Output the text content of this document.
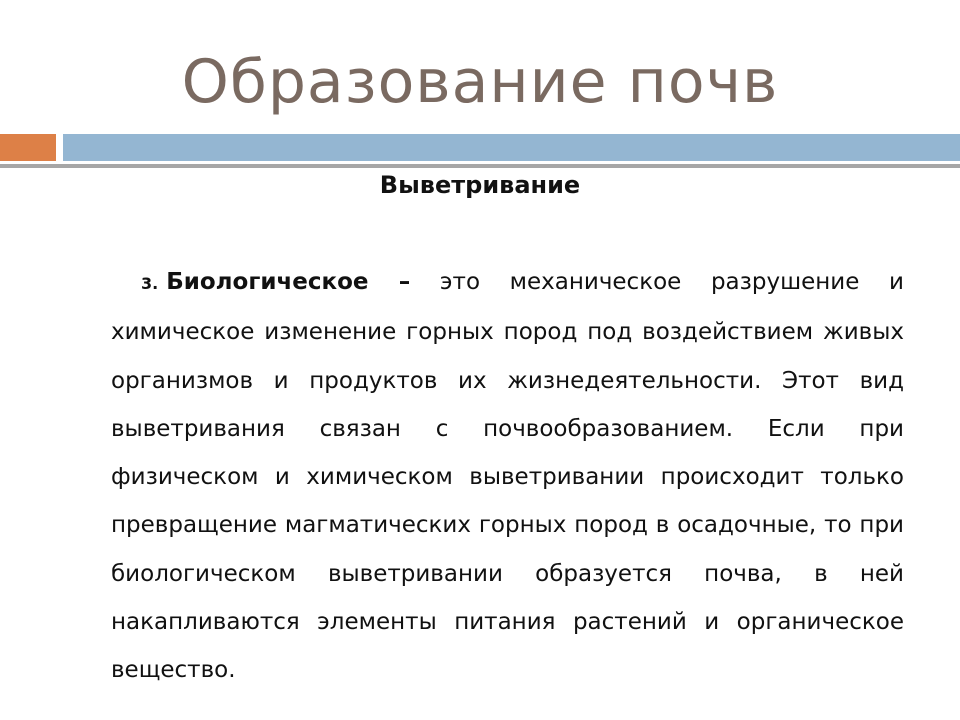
Образование почв
Выветривание
3. Биологическое – это механическое разрушение и химическое изменение горных пород под воздействием живых организмов и продуктов их жизнедеятельности. Этот вид выветривания связан с почвообразованием. Если при физическом и химическом выветривании происходит только превращение магматических горных пород в осадочные, то при биологическом выветривании образуется почва, в ней накапливаются элементы питания растений и органическое вещество.
